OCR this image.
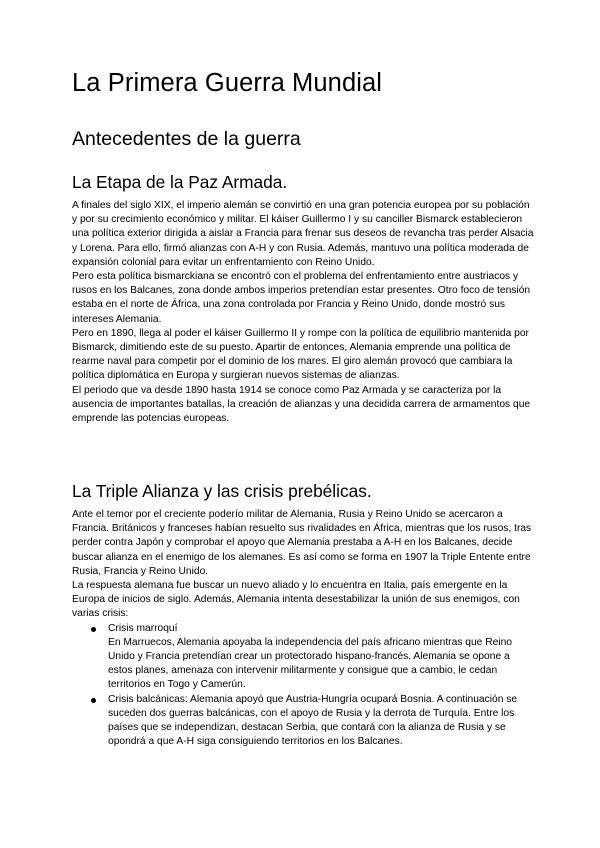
La Primera Guerra Mundial
Antecedentes de la guerra
La Etapa de la Paz Armada.

A finales del siglo XIX, el imperio alemán se convirtió en una gran potencia europea por su población y por su crecimiento económico y militar. El káiser Guillermo I y su canciller Bismarck establecieron una política exterior dirigida a aislar a Francia para frenar sus deseos de revancha tras perder Alsacia y Lorena. Para ello, firmó alianzas con A-H y con Rusia. Además, mantuvo una política moderada de expansión colonial para evitar un enfrentamiento con Reino Unido.

Pero esta política bismarckiana se encontró con el problema del enfrentamiento entre austriacos y rusos en los Balcanes, zona donde ambos imperios pretendían estar presentes. Otro foco de tensión estaba en el norte de África, una zona controlada por Francia y Reino Unido, donde mostró sus intereses Alemania.

Pero en 1890, llega al poder el káiser Guillermo II y rompe con la política de equilibrio mantenida por Bismarck, dimitiendo este de su puesto. Apartir de entonces, Alemania emprende una política de rearme naval para competir por el dominio de los mares. El giro alemán provocó que cambiara la política diplomática en Europa y surgieran nuevos sistemas de alianzas.

El periodo que va desde 1890 hasta 1914 se conoce como Paz Armada y se caracteriza por la ausencia de importantes batallas, la creación de alianzas y una decidida carrera de armamentos que emprende las potencias europeas.

La Triple Alianza y las crisis prebélicas.

Ante el temor por el creciente poderío militar de Alemania, Rusia y Reino Unido se acercaron a Francia. Británicos y franceses habían resuelto sus rivalidades en África, mientras que los rusos, tras perder contra Japón y comprobar el apoyo que Alemania prestaba a A-H en los Balcanes, decide buscar alianza en el enemigo de los alemanes. Es así como se forma en 1907 la Triple Entente entre Rusia, Francia y Reino Unido.

La respuesta alemana fue buscar un nuevo aliado y lo encuentra en Italia, país emergente en la Europa de inicios de siglo. Además, Alemania intenta desestabilizar la unión de sus enemigos, con varias crisis:

Crisis marroquí
En Marruecos, Alemania apoyaba la independencia del país africano mientras que Reino Unido y Francia pretendían crear un protectorado hispano-francés. Alemania se opone a estos planes, amenaza con intervenir militarmente y consigue que a cambio, le cedan territorios en Togo y Camerún.
Crisis balcánicas: Alemania apoyó que Austria-Hungría ocupará Bosnia. A continuación se suceden dos guerras balcánicas, con el apoyo de Rusia y la derrota de Turquía. Entre los países que se independizan, destacan Serbia, que contará con la alianza de Rusia y se opondrá a que A-H siga consiguiendo territorios en los Balcanes.
